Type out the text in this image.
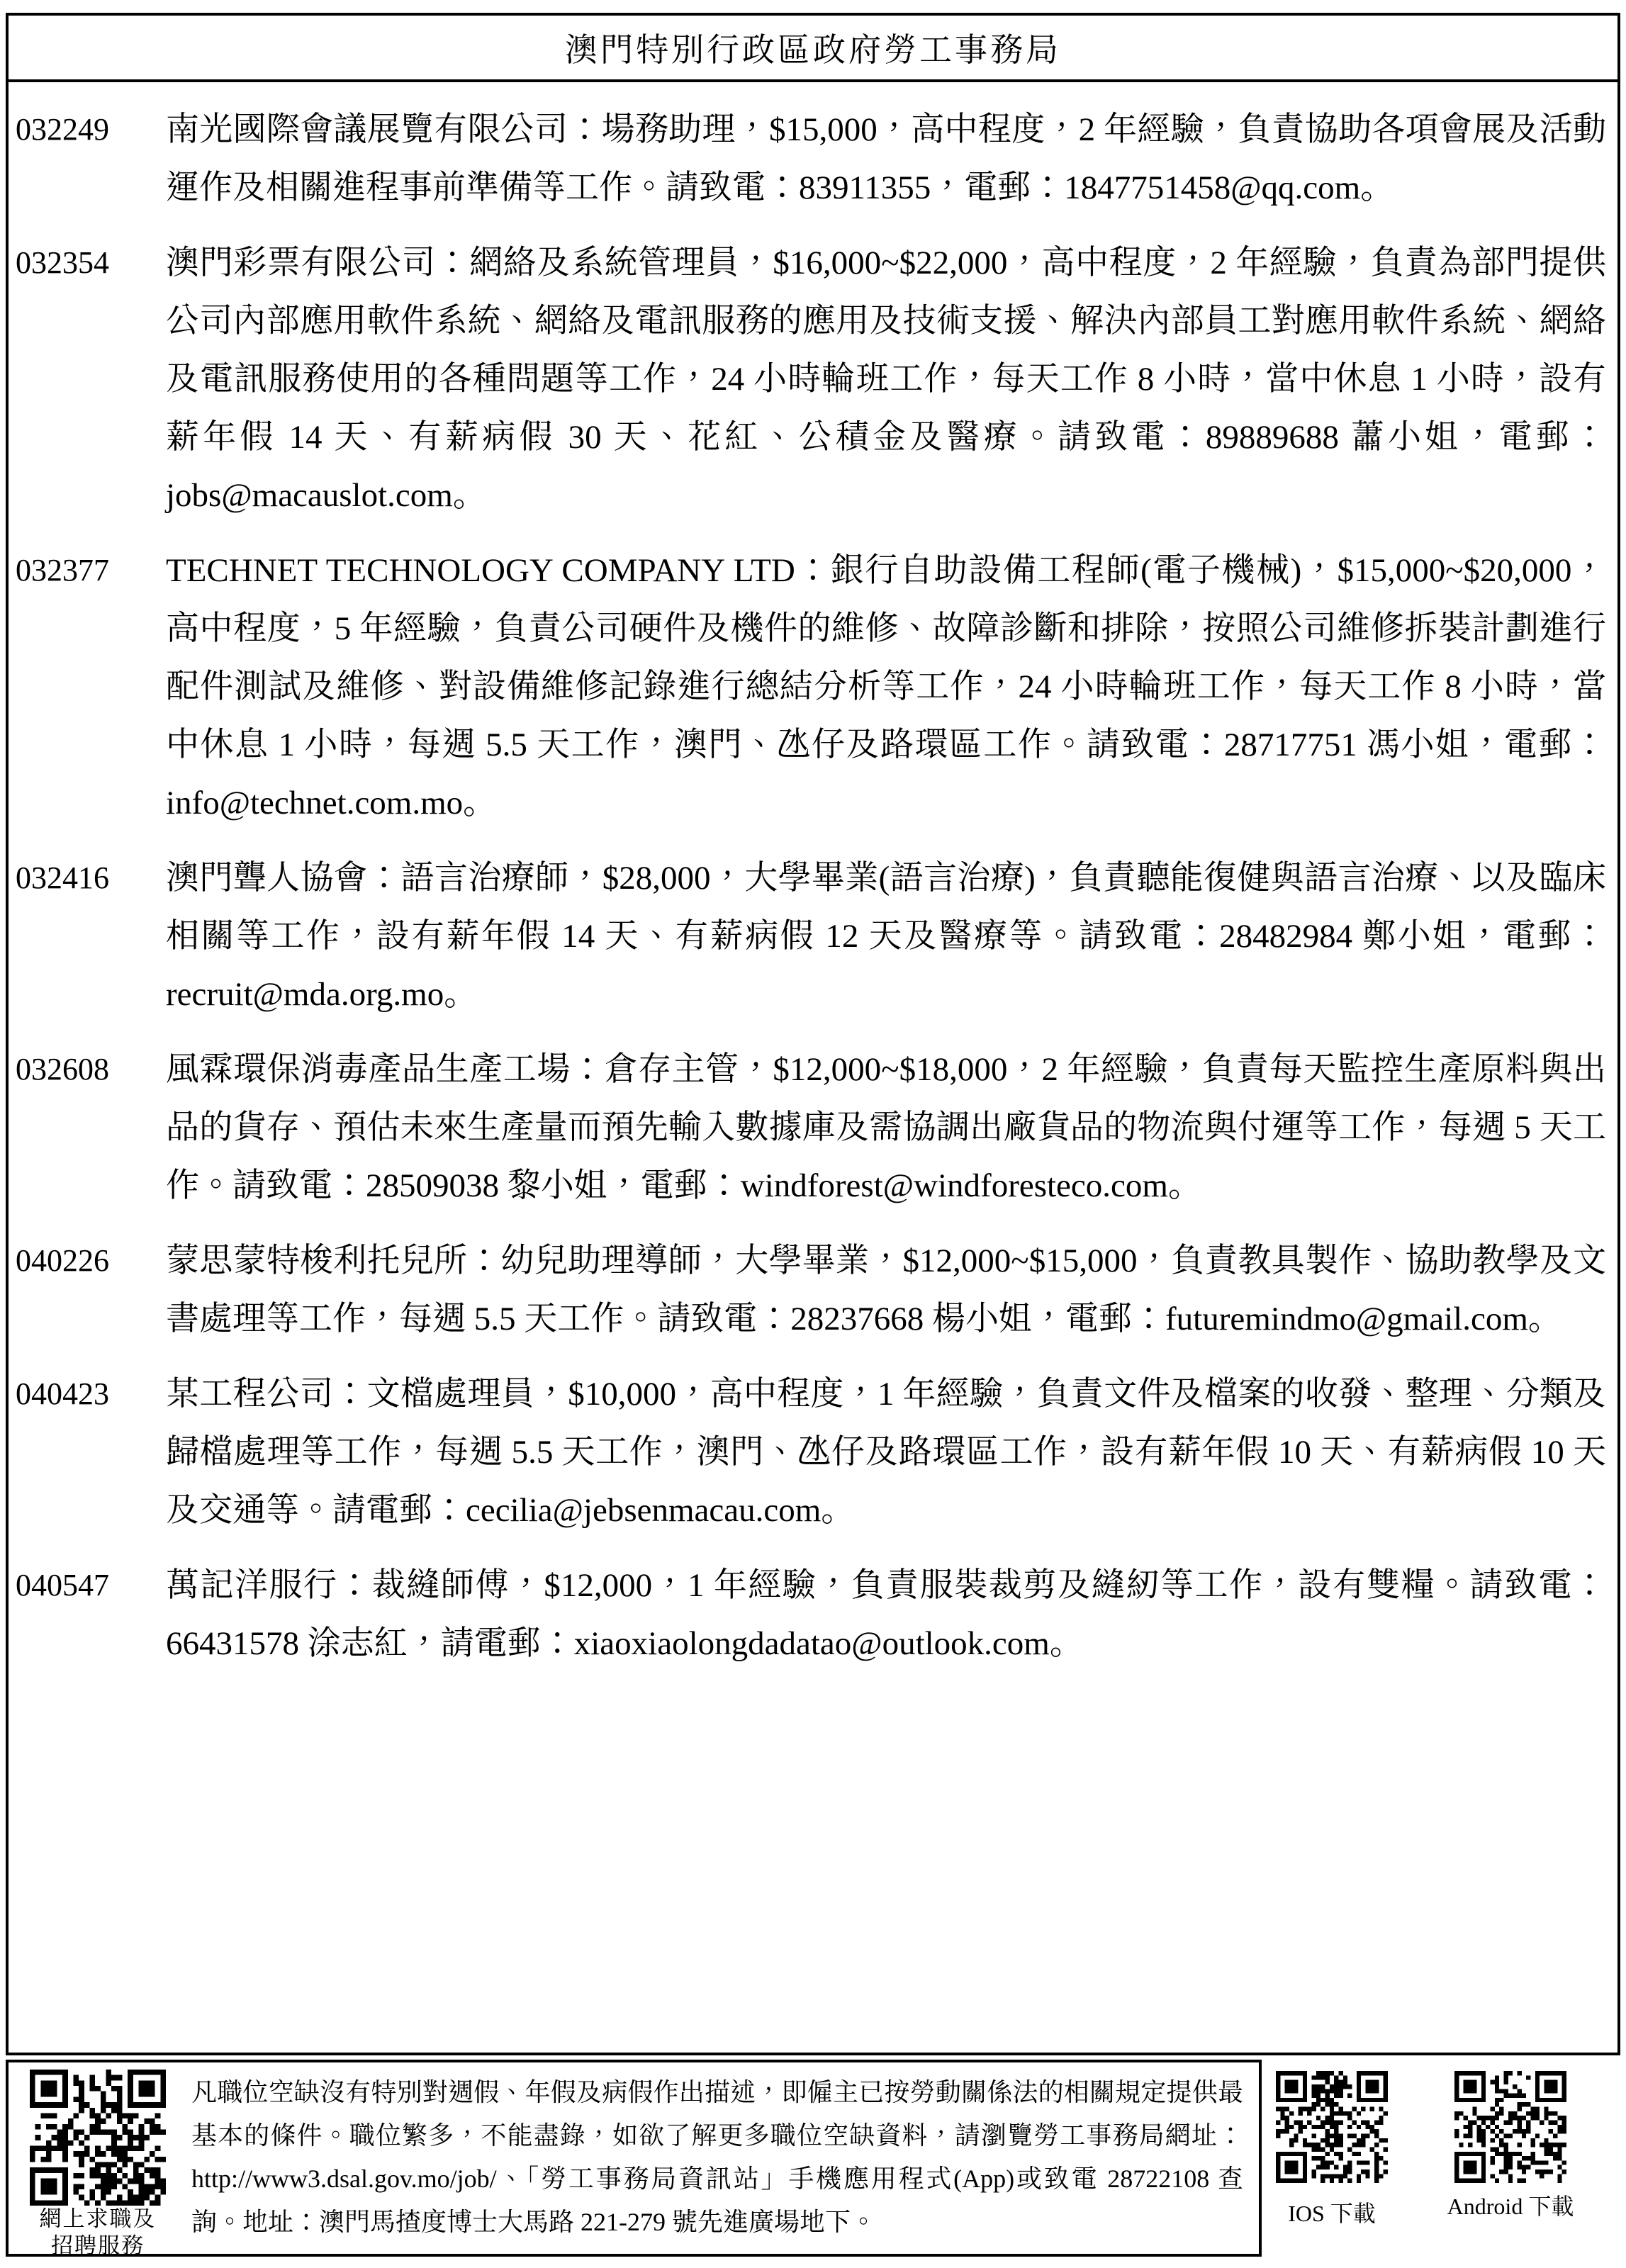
澳門特別行政區政府勞工事務局
032249	南光國際會議展覽有限公司：場務助理，$15,000，高中程度，2 年經驗，負責協助各項會展及活動運作及相關進程事前準備等工作。請致電：83911355，電郵：1847751458@qq.com。
032354	澳門彩票有限公司：網絡及系統管理員，$16,000~$22,000，高中程度，2 年經驗，負責為部門提供公司內部應用軟件系統、網絡及電訊服務的應用及技術支援、解決內部員工對應用軟件系統、網絡及電訊服務使用的各種問題等工作，24 小時輪班工作，每天工作 8 小時，當中休息 1 小時，設有薪年假 14 天、有薪病假 30 天、花紅、公積金及醫療。請致電：89889688 蕭小姐，電郵：jobs@macauslot.com。
032377	TECHNET TECHNOLOGY COMPANY LTD：銀行自助設備工程師(電子機械)，$15,000~$20,000，高中程度，5 年經驗，負責公司硬件及機件的維修、故障診斷和排除，按照公司維修拆裝計劃進行配件測試及維修、對設備維修記錄進行總結分析等工作，24 小時輪班工作，每天工作 8 小時，當中休息 1 小時，每週 5.5 天工作，澳門、氹仔及路環區工作。請致電：28717751 馮小姐，電郵：info@technet.com.mo。
032416	澳門聾人協會：語言治療師，$28,000，大學畢業(語言治療)，負責聽能復健與語言治療、以及臨床相關等工作，設有薪年假 14 天、有薪病假 12 天及醫療等。請致電：28482984 鄭小姐，電郵：recruit@mda.org.mo。
032608	風霖環保消毒產品生產工場：倉存主管，$12,000~$18,000，2 年經驗，負責每天監控生產原料與出品的貨存、預估未來生產量而預先輸入數據庫及需協調出廠貨品的物流與付運等工作，每週 5 天工作。請致電：28509038 黎小姐，電郵：windforest@windforesteco.com。
040226	蒙思蒙特梭利托兒所：幼兒助理導師，大學畢業，$12,000~$15,000，負責教具製作、協助教學及文書處理等工作，每週 5.5 天工作。請致電：28237668 楊小姐，電郵：futuremindmo@gmail.com。
040423	某工程公司：文檔處理員，$10,000，高中程度，1 年經驗，負責文件及檔案的收發、整理、分類及歸檔處理等工作，每週 5.5 天工作，澳門、氹仔及路環區工作，設有薪年假 10 天、有薪病假 10 天及交通等。請電郵：cecilia@jebsenmacau.com。
040547	萬記洋服行：裁縫師傅，$12,000，1 年經驗，負責服裝裁剪及縫紉等工作，設有雙糧。請致電：66431578 涂志紅，請電郵：xiaoxiaolongdadatao@outlook.com。
網上求職及
招聘服務
凡職位空缺沒有特別對週假、年假及病假作出描述，即僱主已按勞動關係法的相關規定提供最基本的條件。職位繁多，不能盡錄，如欲了解更多職位空缺資料，請瀏覽勞工事務局網址：http://www3.dsal.gov.mo/job/、「勞工事務局資訊站」手機應用程式(App)或致電 28722108 查詢。地址：澳門馬揸度博士大馬路 221-279 號先進廣場地下。	IOS 下載	Android 下載
